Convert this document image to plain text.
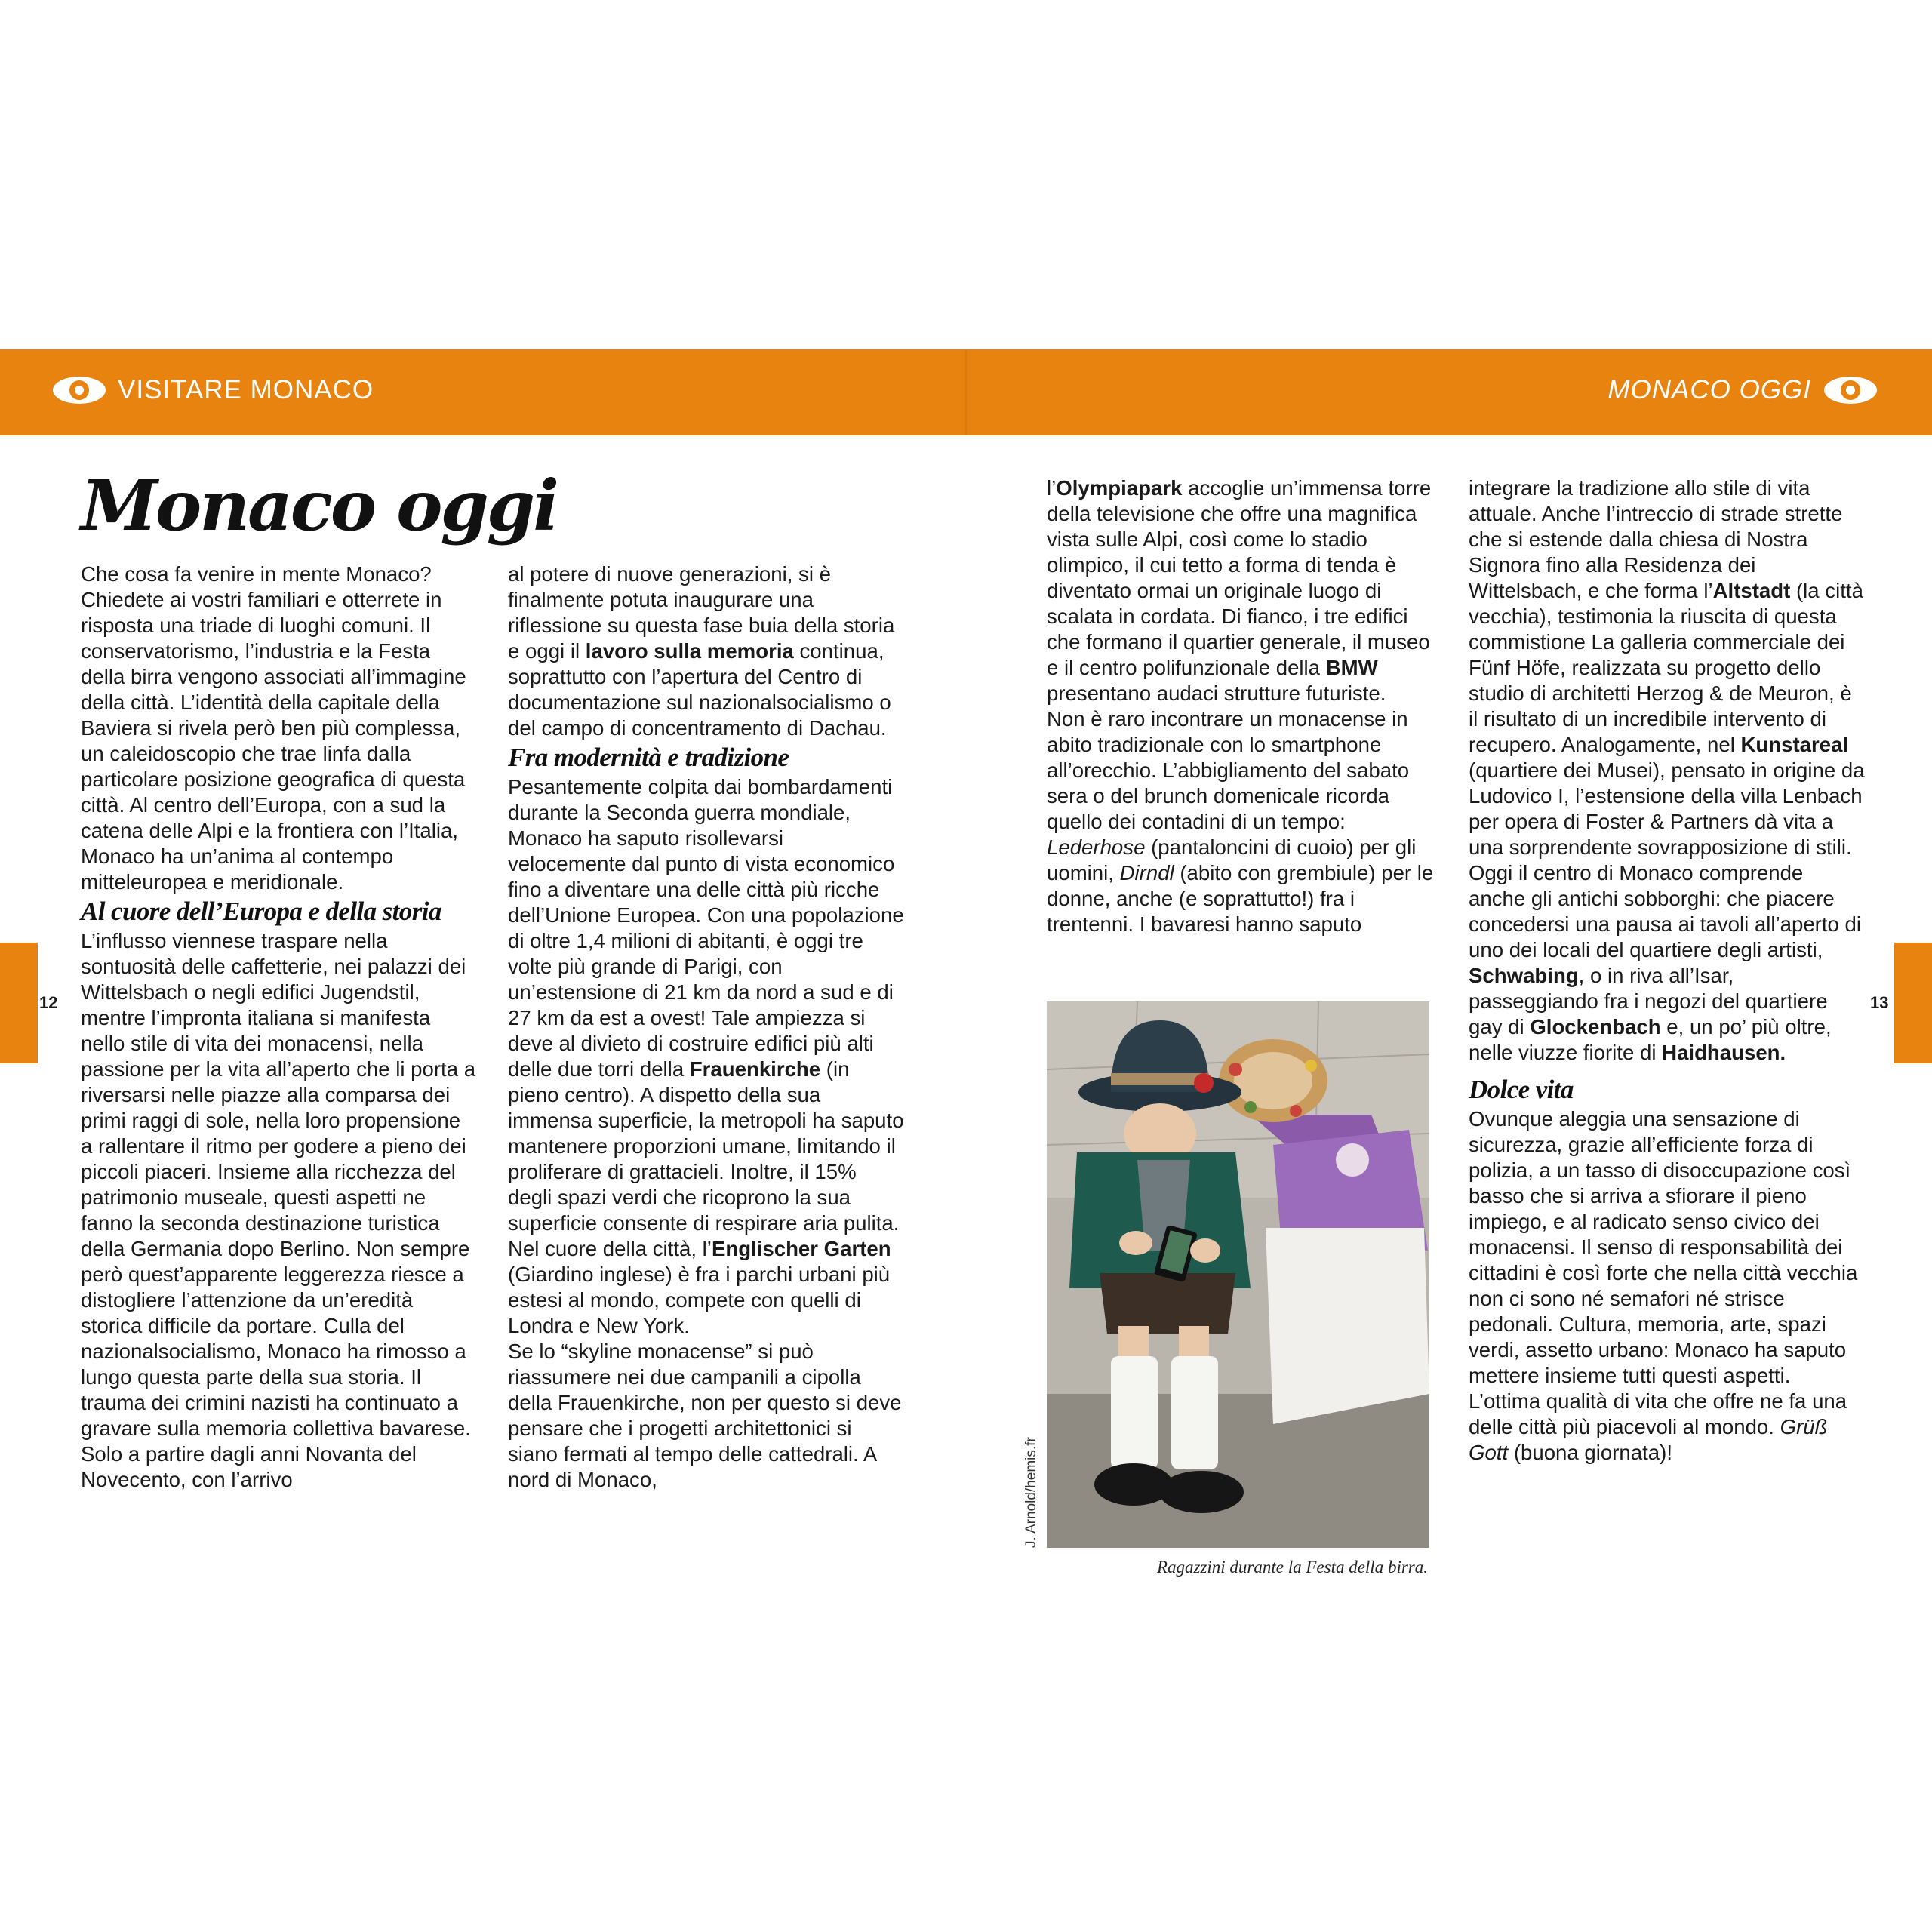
VISITARE MONACO	MONACO OGGI
12	13
Monaco oggi

Che cosa fa venire in mente Monaco? Chiedete ai vostri familiari e otterrete in risposta una triade di luoghi comuni. Il conservatorismo, l’industria e la Festa della birra vengono associati all’immagine della città. L’identità della capitale della Baviera si rivela però ben più complessa, un caleidoscopio che trae linfa dalla particolare posizione geografica di questa città. Al centro dell’Europa, con a sud la catena delle Alpi e la frontiera con l’Italia, Monaco ha un’anima al contempo mitteleuropea e meridionale.

Al cuore dell’Europa e della storia

L’influsso viennese traspare nella sontuosità delle caffetterie, nei palazzi dei Wittelsbach o negli edifici Jugendstil, mentre l’impronta italiana si manifesta nello stile di vita dei monacensi, nella passione per la vita all’aperto che li porta a riversarsi nelle piazze alla comparsa dei primi raggi di sole, nella loro propensione a rallentare il ritmo per godere a pieno dei piccoli piaceri. Insieme alla ricchezza del patrimonio museale, questi aspetti ne fanno la seconda destinazione turistica della Germania dopo Berlino. Non sempre però quest’apparente leggerezza riesce a distogliere l’attenzione da un’eredità storica difficile da portare. Culla del nazionalsocialismo, Monaco ha rimosso a lungo questa parte della sua storia. Il trauma dei crimini nazisti ha continuato a gravare sulla memoria collettiva bavarese. Solo a partire dagli anni Novanta del Novecento, con l’arrivo

al potere di nuove generazioni, si è finalmente potuta inaugurare una riflessione su questa fase buia della storia e oggi il lavoro sulla memoria continua, soprattutto con l’apertura del Centro di documentazione sul nazionalsocialismo o del campo di concentramento di Dachau.

Fra modernità e tradizione

Pesantemente colpita dai bombardamenti durante la Seconda guerra mondiale, Monaco ha saputo risollevarsi velocemente dal punto di vista economico fino a diventare una delle città più ricche dell’Unione Europea. Con una popolazione di oltre 1,4 milioni di abitanti, è oggi tre volte più grande di Parigi, con un’estensione di 21 km da nord a sud e di 27 km da est a ovest! Tale ampiezza si deve al divieto di costruire edifici più alti delle due torri della Frauenkirche (in pieno centro). A dispetto della sua immensa superficie, la metropoli ha saputo mantenere proporzioni umane, limitando il proliferare di grattacieli. Inoltre, il 15% degli spazi verdi che ricoprono la sua superficie consente di respirare aria pulita. Nel cuore della città, l’Englischer Garten (Giardino inglese) è fra i parchi urbani più estesi al mondo, compete con quelli di Londra e New York.

Se lo “skyline monacense” si può riassumere nei due campanili a cipolla della Frauenkirche, non per questo si deve pensare che i progetti architettonici si siano fermati al tempo delle cattedrali. A nord di Monaco,

l’Olympiapark accoglie un’immensa torre della televisione che offre una magnifica vista sulle Alpi, così come lo stadio olimpico, il cui tetto a forma di tenda è diventato ormai un originale luogo di scalata in cordata. Di fianco, i tre edifici che formano il quartier generale, il museo e il centro polifunzionale della BMW presentano audaci strutture futuriste.

Non è raro incontrare un monacense in abito tradizionale con lo smartphone all’orecchio. L’abbigliamento del sabato sera o del brunch domenicale ricorda quello dei contadini di un tempo: Lederhose (pantaloncini di cuoio) per gli uomini, Dirndl (abito con grembiule) per le donne, anche (e soprattutto!) fra i trentenni. I bavaresi hanno saputo

J. Arnold/hemis.fr
Ragazzini durante la Festa della birra.

integrare la tradizione allo stile di vita attuale. Anche l’intreccio di strade strette che si estende dalla chiesa di Nostra Signora fino alla Residenza dei Wittelsbach, e che forma l’Altstadt (la città vecchia), testimonia la riuscita di questa commistione La galleria commerciale dei Fünf Höfe, realizzata su progetto dello studio di architetti Herzog & de Meuron, è il risultato di un incredibile intervento di recupero. Analogamente, nel Kunstareal (quartiere dei Musei), pensato in origine da Ludovico I, l’estensione della villa Lenbach per opera di Foster & Partners dà vita a una sorprendente sovrapposizione di stili.

Oggi il centro di Monaco comprende anche gli antichi sobborghi: che piacere concedersi una pausa ai tavoli all’aperto di uno dei locali del quartiere degli artisti, Schwabing, o in riva all’Isar, passeggiando fra i negozi del quartiere gay di Glockenbach e, un po’ più oltre, nelle viuzze fiorite di Haidhausen.

Dolce vita

Ovunque aleggia una sensazione di sicurezza, grazie all’efficiente forza di polizia, a un tasso di disoccupazione così basso che si arriva a sfiorare il pieno impiego, e al radicato senso civico dei monacensi. Il senso di responsabilità dei cittadini è così forte che nella città vecchia non ci sono né semafori né strisce pedonali. Cultura, memoria, arte, spazi verdi, assetto urbano: Monaco ha saputo mettere insieme tutti questi aspetti. L’ottima qualità di vita che offre ne fa una delle città più piacevoli al mondo. Grüß Gott (buona giornata)!
